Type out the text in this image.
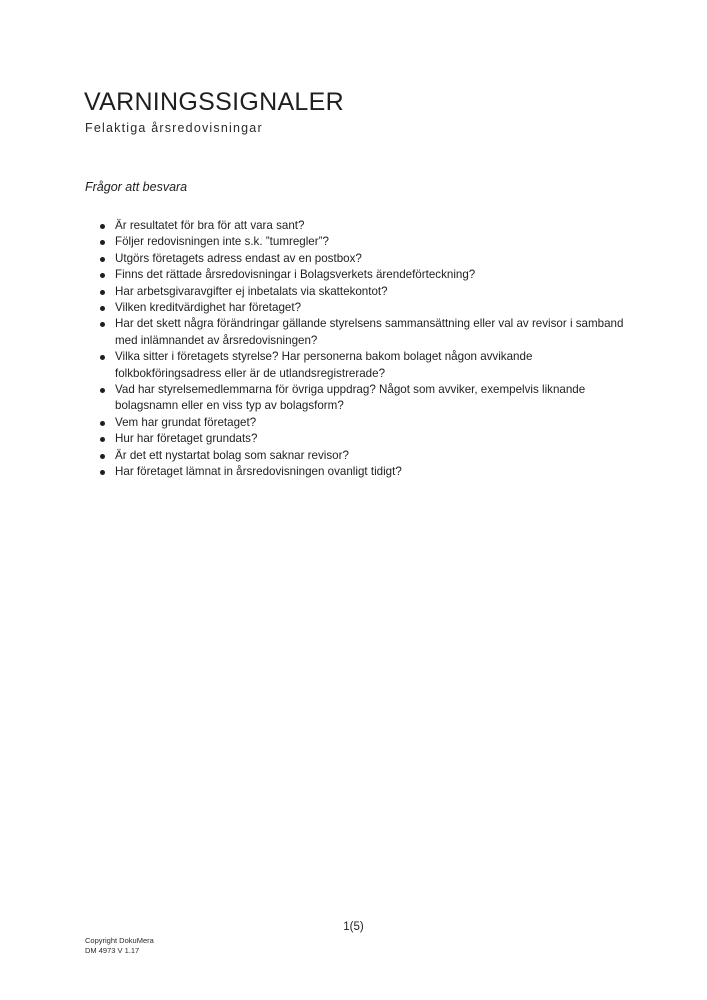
VARNINGSSIGNALER

Felaktiga årsredovisningar

Frågor att besvara

Är resultatet för bra för att vara sant?
Följer redovisningen inte s.k. ”tumregler”?
Utgörs företagets adress endast av en postbox?
Finns det rättade årsredovisningar i Bolagsverkets ärendeförteckning?
Har arbetsgivaravgifter ej inbetalats via skattekontot?
Vilken kreditvärdighet har företaget?
Har det skett några förändringar gällande styrelsens sammansättning eller val av revisor i samband med inlämnandet av årsredovisningen?
Vilka sitter i företagets styrelse? Har personerna bakom bolaget någon avvikande folkbokföringsadress eller är de utlandsregistrerade?
Vad har styrelsemedlemmarna för övriga uppdrag? Något som avviker, exempelvis liknande bolagsnamn eller en viss typ av bolagsform?
Vem har grundat företaget?
Hur har företaget grundats?
Är det ett nystartat bolag som saknar revisor?
Har företaget lämnat in årsredovisningen ovanligt tidigt?
1(5)
Copyright DokuMera
DM 4973 V 1.17
